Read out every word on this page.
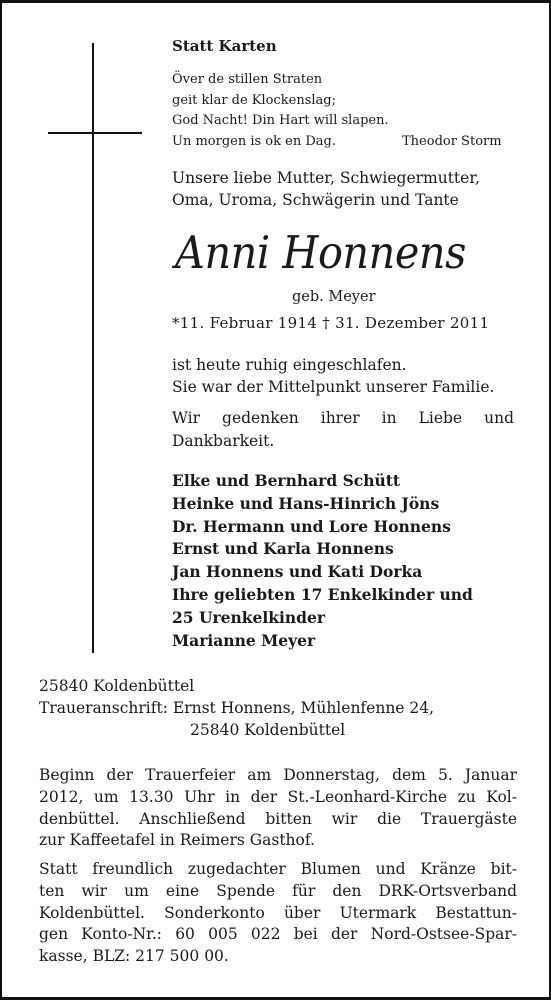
Statt Karten
Över de stillen Straten
geit klar de Klockenslag;
God Nacht! Din Hart will slapen.
Un morgen is ok en Dag.	Theodor Storm
Unsere liebe Mutter, Schwiegermutter,
Oma, Uroma, Schwägerin und Tante
Anni Honnens
geb. Meyer
*11. Februar 1914 † 31. Dezember 2011
ist heute ruhig eingeschlafen.
Sie war der Mittelpunkt unserer Familie.
Wir gedenken ihrer in Liebe und
Dankbarkeit.
Elke und Bernhard Schütt
Heinke und Hans-Hinrich Jöns
Dr. Hermann und Lore Honnens
Ernst und Karla Honnens
Jan Honnens und Kati Dorka
Ihre geliebten 17 Enkelkinder und
25 Urenkelkinder
Marianne Meyer
25840 Koldenbüttel
Traueranschrift: Ernst Honnens, Mühlenfenne 24,
25840 Koldenbüttel
Beginn der Trauerfeier am Donnerstag, dem 5. Januar
2012, um 13.30 Uhr in der St.-Leonhard-Kirche zu Kol-
denbüttel. Anschließend bitten wir die Trauergäste
zur Kaffeetafel in Reimers Gasthof.
Statt freundlich zugedachter Blumen und Kränze bit-
ten wir um eine Spende für den DRK-Ortsverband
Koldenbüttel. Sonderkonto über Utermark Bestattun-
gen Konto-Nr.: 60 005 022 bei der Nord-Ostsee-Spar-
kasse, BLZ: 217 500 00.
